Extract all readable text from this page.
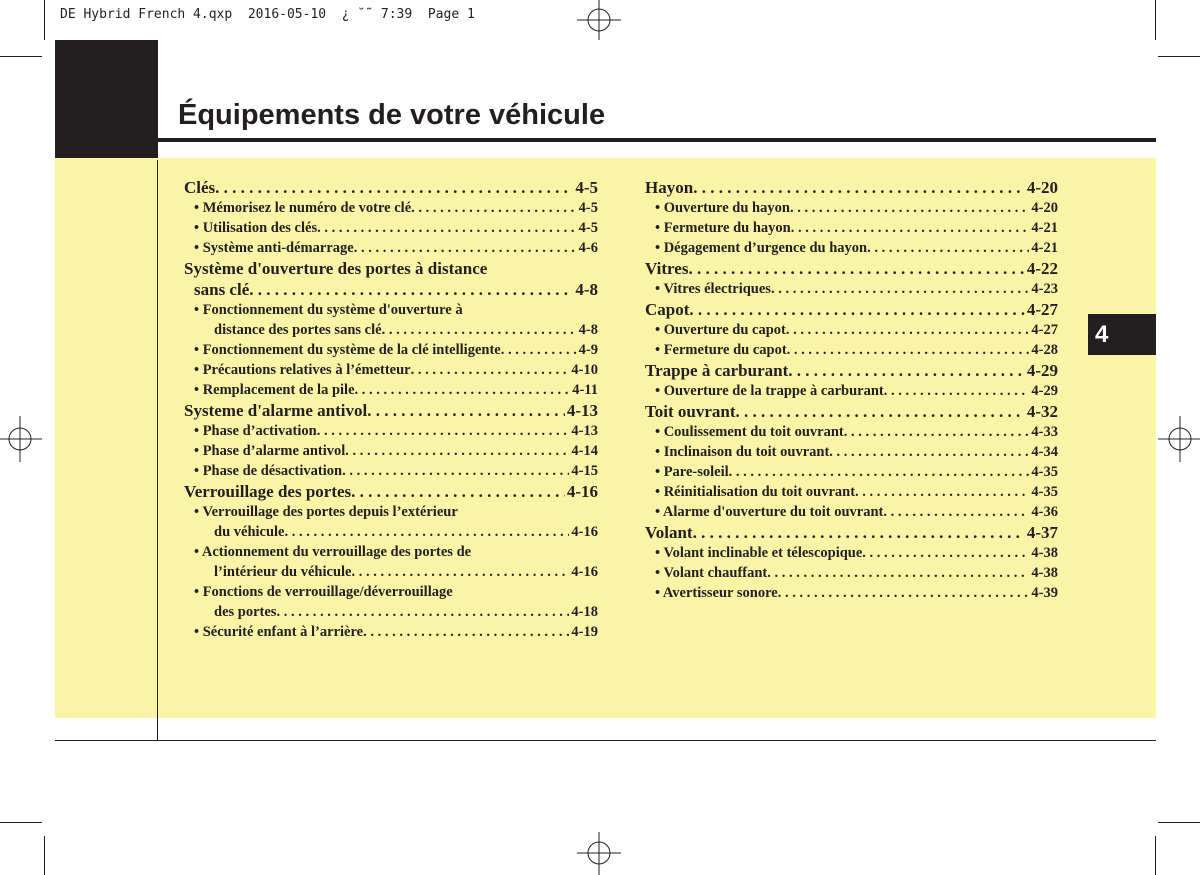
DE Hybrid French 4.qxp  2016-05-10  ¿ ˘˜ 7:39  Page 1
Équipements de votre véhicule
4
Clés . . .	4-5
• Mémorisez le numéro de votre clé . . .	4-5
• Utilisation des clés . . .	4-5
• Système anti-démarrage . . .	4-6
Système d'ouverture des portes à distance
sans clé . . .	4-8
• Fonctionnement du système d'ouverture à
distance des portes sans clé . . .	4-8
• Fonctionnement du système de la clé intelligente . . .	4-9
• Précautions relatives à l’émetteur . . .	4-10
• Remplacement de la pile . . .	4-11
Systeme d'alarme antivol . . .	4-13
• Phase d’activation . . .	4-13
• Phase d’alarme antivol . . .	4-14
• Phase de désactivation . . .	4-15
Verrouillage des portes . . .	4-16
• Verrouillage des portes depuis l’extérieur
du véhicule . . .	4-16
• Actionnement du verrouillage des portes de
l’intérieur du véhicule . . .	4-16
• Fonctions de verrouillage/déverrouillage
des portes . . .	4-18
• Sécurité enfant à l’arrière . . .	4-19
Hayon . . .	4-20
• Ouverture du hayon . . .	4-20
• Fermeture du hayon . . .	4-21
• Dégagement d’urgence du hayon . . .	4-21
Vitres . . .	4-22
• Vitres électriques . . .	4-23
Capot . . .	4-27
• Ouverture du capot . . .	4-27
• Fermeture du capot . . .	4-28
Trappe à carburant . . .	4-29
• Ouverture de la trappe à carburant . . .	4-29
Toit ouvrant . . .	4-32
• Coulissement du toit ouvrant . . .	4-33
• Inclinaison du toit ouvrant . . .	4-34
• Pare-soleil . . .	4-35
• Réinitialisation du toit ouvrant . . .	4-35
• Alarme d'ouverture du toit ouvrant . . .	4-36
Volant . . .	4-37
• Volant inclinable et télescopique . . .	4-38
• Volant chauffant . . .	4-38
• Avertisseur sonore . . .	4-39
